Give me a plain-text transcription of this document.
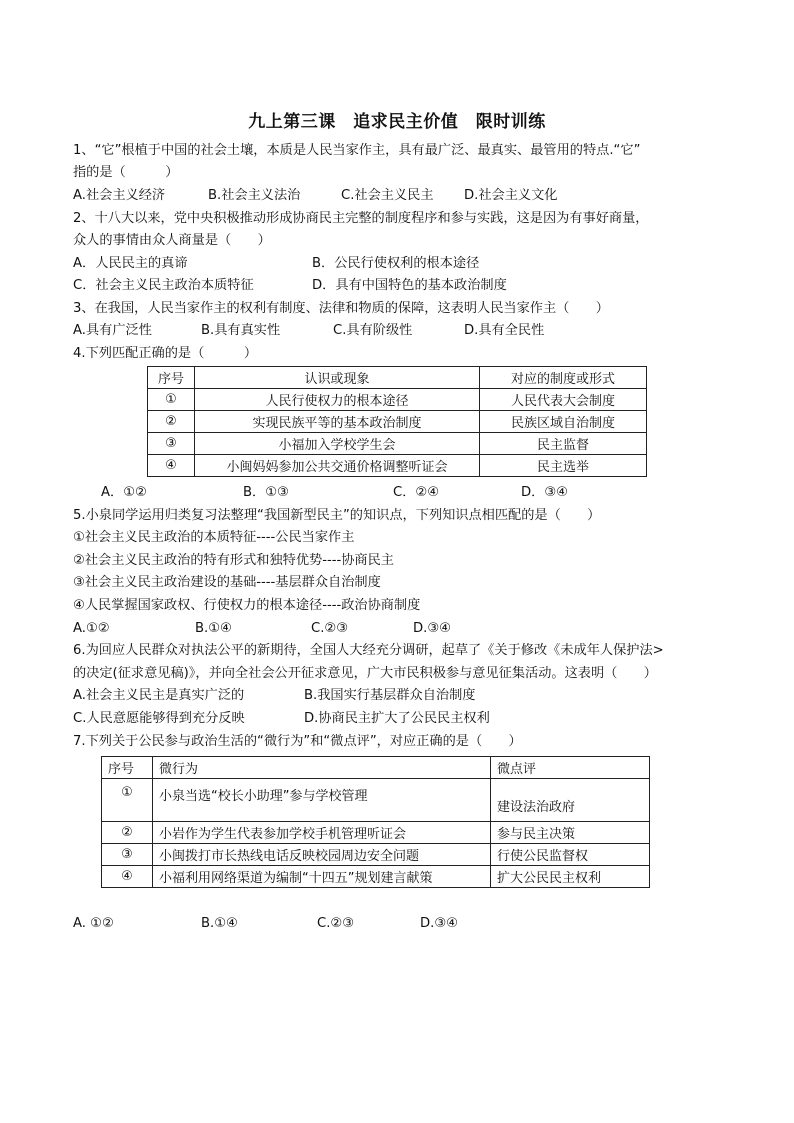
九上第三课　追求民主价值　限时训练
1、“它”根植于中国的社会土壤，本质是人民当家作主，具有最广泛、最真实、最管用的特点.“它”
指的是（　　　）
A.社会主义经济	B.社会主义法治	C.社会主义民主 D.社会主义文化
2、十八大以来，党中央积极推动形成协商民主完整的制度程序和参与实践，这是因为有事好商量，
众人的事情由众人商量是（　　）
A．人民民主的真谛	B．公民行使权利的根本途径
C．社会主义民主政治本质特征	D．具有中国特色的基本政治制度
3、在我国，人民当家作主的权利有制度、法律和物质的保障，这表明人民当家作主（　　）
A.具有广泛性	B.具有真实性	C.具有阶级性	D.具有全民性
4.下列匹配正确的是（　　　）
序号	认识或现象	对应的制度或形式
①	人民行使权力的根本途径	人民代表大会制度
②	实现民族平等的基本政治制度	民族区域自治制度
③	小福加入学校学生会	民主监督
④	小闽妈妈参加公共交通价格调整听证会	民主选举
A．①②	B．①③	C．②④	D．③④
5.小泉同学运用归类复习法整理“我国新型民主”的知识点，下列知识点相匹配的是（　　）
①社会主义民主政治的本质特征----公民当家作主
②社会主义民主政治的特有形式和独特优势----协商民主
③社会主义民主政治建设的基础----基层群众自治制度
④人民掌握国家政权、行使权力的根本途径----政治协商制度
A.①②	B.①④	C.②③	D.③④
6.为回应人民群众对执法公平的新期待，全国人大经充分调研，起草了《关于修改《未成年人保护法>
的决定(征求意见稿)》，并向全社会公开征求意见，广大市民积极参与意见征集活动。这表明（　　）
A.社会主义民主是真实广泛的	B.我国实行基层群众自治制度
C.人民意愿能够得到充分反映	D.协商民主扩大了公民民主权利
7.下列关于公民参与政治生活的“微行为”和“微点评”，对应正确的是（　　）
序号	微行为	微点评
①	小泉当选“校长小助理”参与学校管理	建设法治政府
②	小岩作为学生代表参加学校手机管理听证会	参与民主决策
③	小闽拨打市长热线电话反映校园周边安全问题	行使公民监督权
④	小福利用网络渠道为编制“十四五”规划建言献策	扩大公民民主权利
A. ①②	B.①④	C.②③	D.③④
